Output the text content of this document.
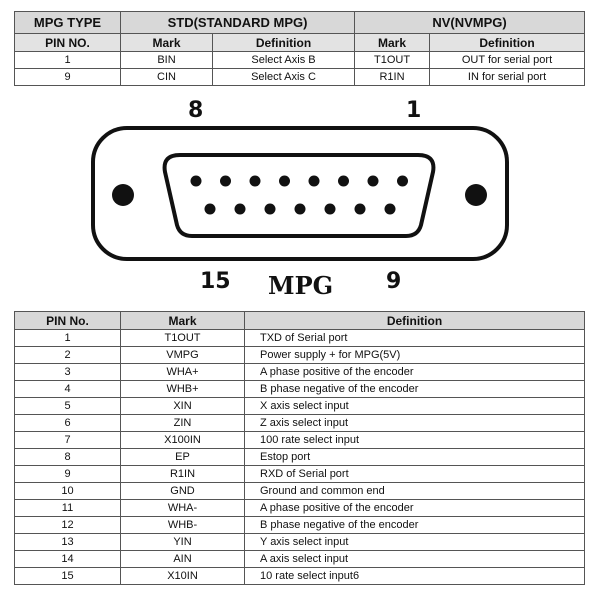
MPG TYPE	STD(STANDARD MPG)		NV(NVMPG)	
PIN NO.	Mark	Definition	Mark	Definition
1	BIN	Select Axis B	T1OUT	OUT for serial port
9	CIN	Select Axis C	R1IN	IN for serial port
8	1
15	9
MPG
PIN No.	Mark	Definition
1	T1OUT	TXD of Serial port
2	VMPG	Power supply + for MPG(5V)
3	WHA+	A phase positive of the encoder
4	WHB+	B phase negative of the encoder
5	XIN	X axis select input
6	ZIN	Z axis select input
7	X100IN	100 rate select input
8	EP	Estop port
9	R1IN	RXD of Serial port
10	GND	Ground and common end
11	WHA-	A phase positive of the encoder
12	WHB-	B phase negative of the encoder
13	YIN	Y axis select input
14	AIN	A axis select input
15	X10IN	10 rate select input6
